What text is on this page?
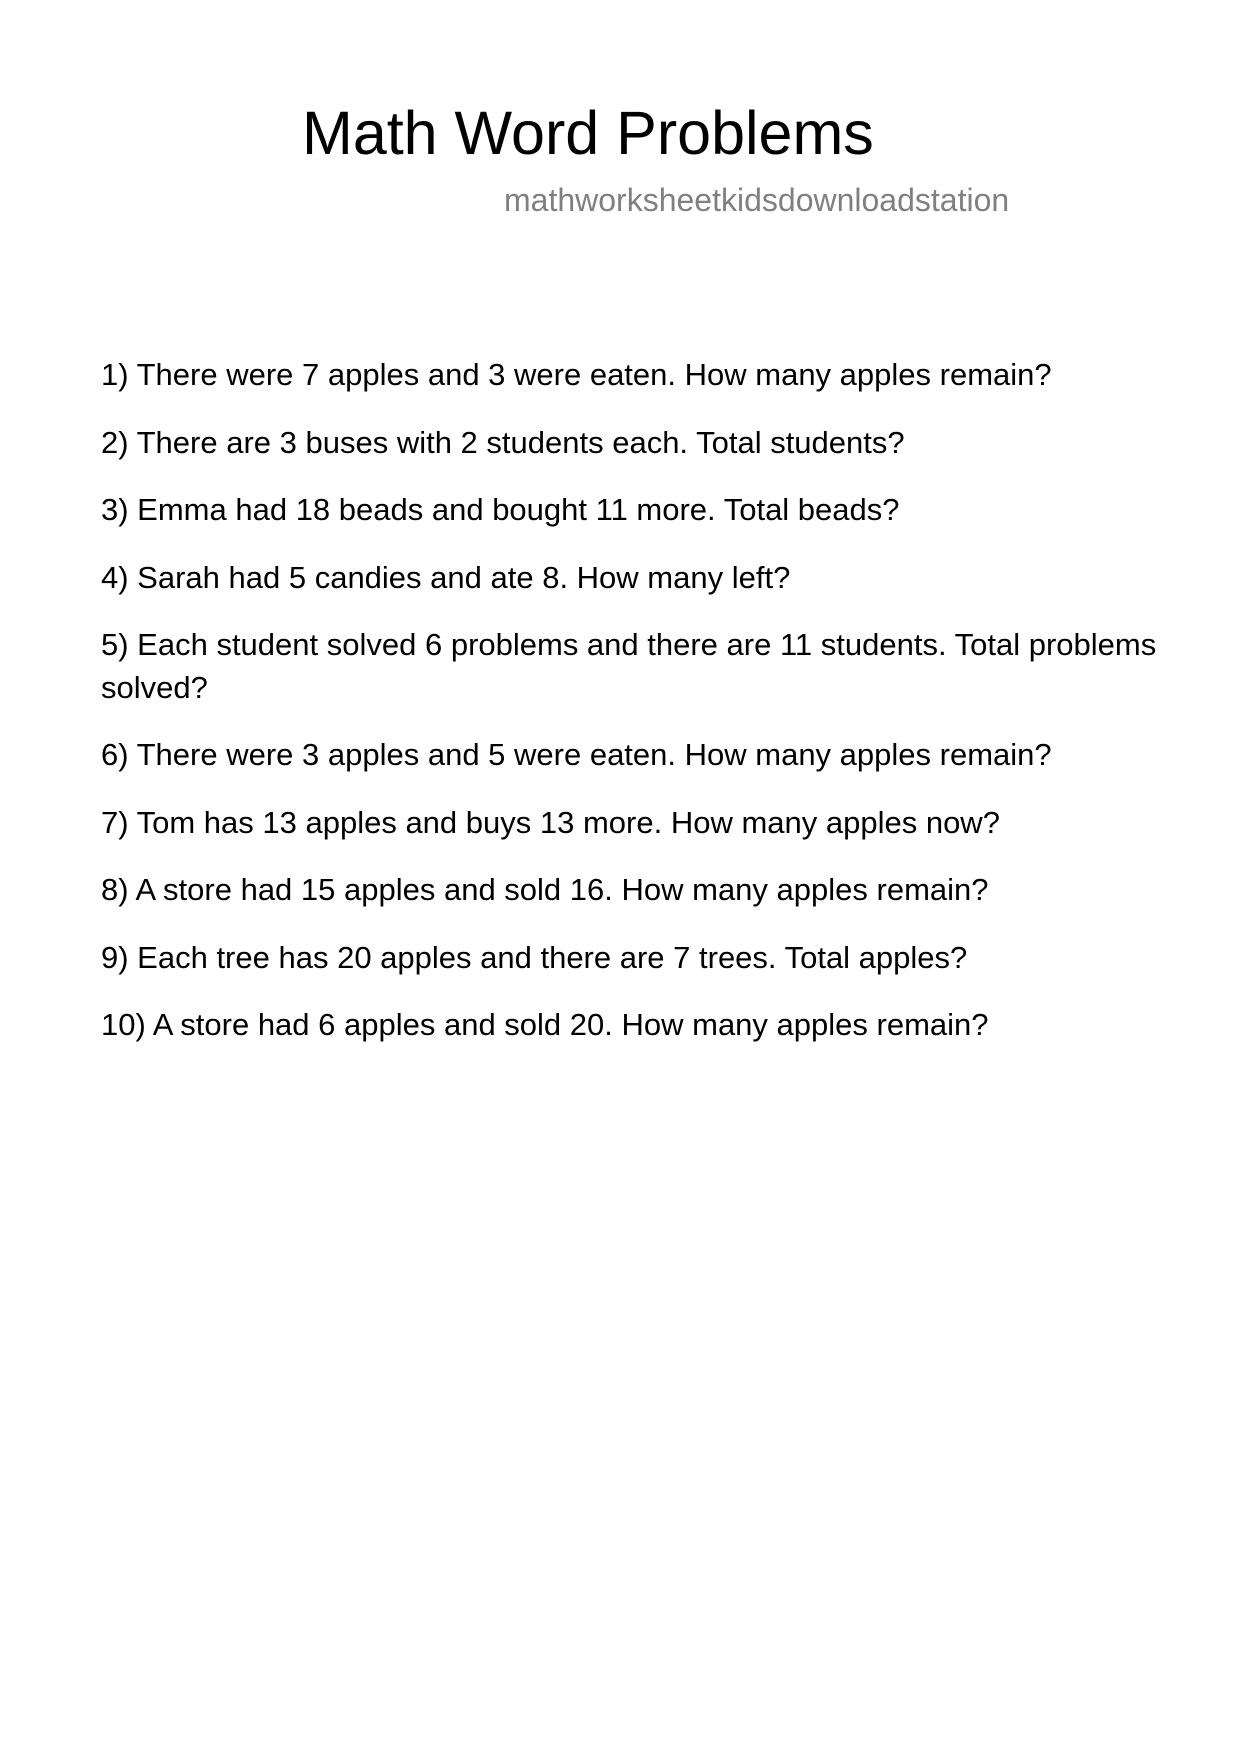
Math Word Problems

mathworksheetkidsdownloadstation

1) There were 7 apples and 3 were eaten. How many apples remain?
2) There are 3 buses with 2 students each. Total students?
3) Emma had 18 beads and bought 11 more. Total beads?
4) Sarah had 5 candies and ate 8. How many left?
5) Each student solved 6 problems and there are 11 students. Total problems solved?
6) There were 3 apples and 5 were eaten. How many apples remain?
7) Tom has 13 apples and buys 13 more. How many apples now?
8) A store had 15 apples and sold 16. How many apples remain?
9) Each tree has 20 apples and there are 7 trees. Total apples?
10) A store had 6 apples and sold 20. How many apples remain?
